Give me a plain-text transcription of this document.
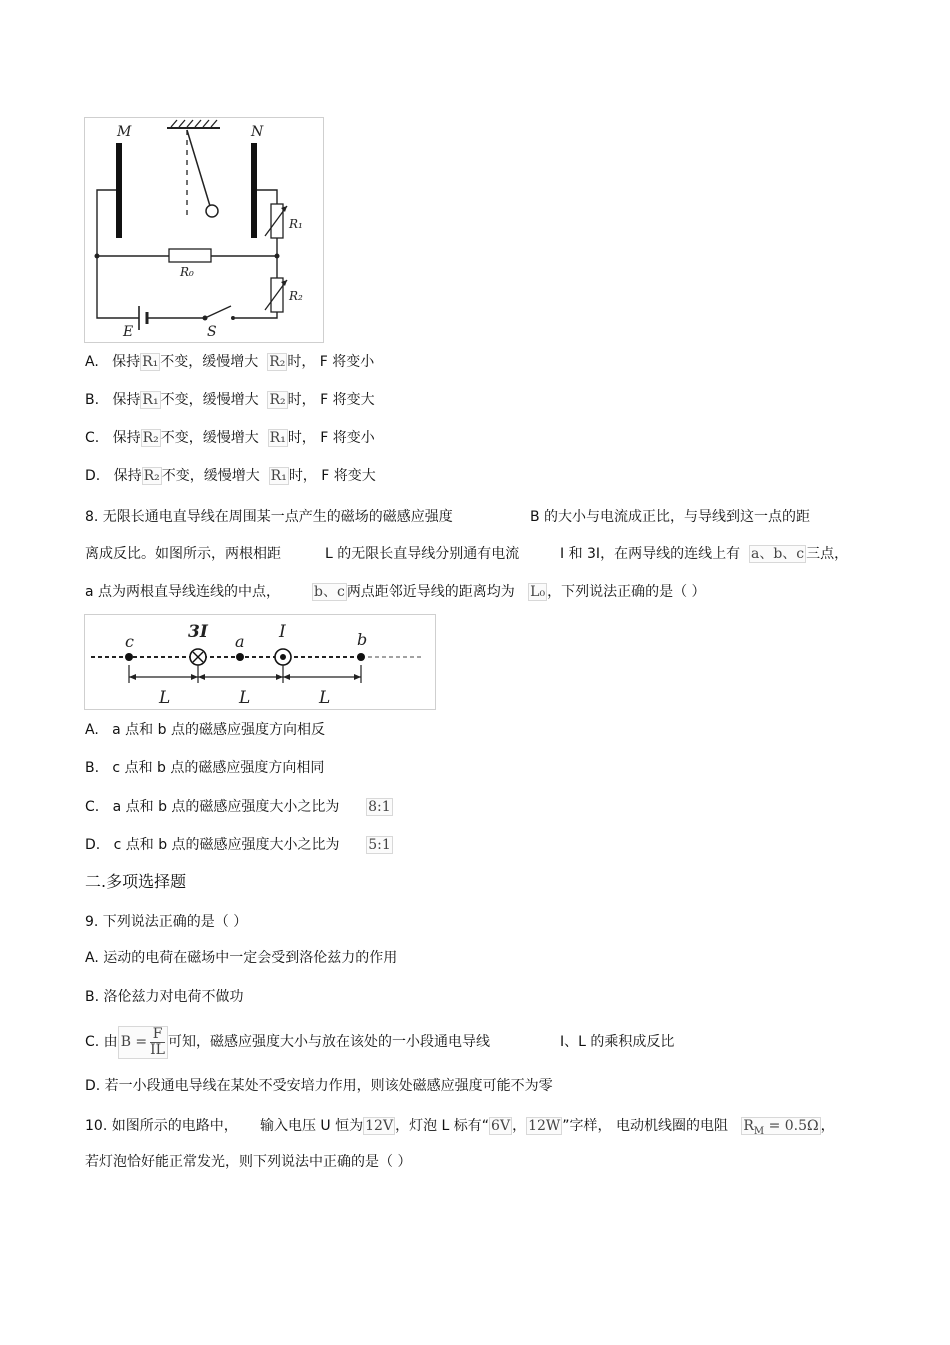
M	N
R₁
R₀
R₂
S
E
A. 保持 R₁ 不变，缓慢增大 R₂ 时， F 将变小
B. 保持 R₁ 不变，缓慢增大 R₂ 时， F 将变大
C. 保持 R₂ 不变，缓慢增大 R₁ 时， F 将变小
D. 保持 R₂ 不变，缓慢增大 R₁ 时， F 将变大
8. 无限长通电直导线在周围某一点产生的磁场的磁感应强度	B 的大小与电流成正比，与导线到这一点的距
离成反比。如图所示，两根相距	L 的无限长直导线分别通有电流	I 和 3I，在两导线的连线上有 a、b、c 三点，
a 点为两根直导线连线的中点， b、c 两点距邻近导线的距离均为 L₀ ，下列说法正确的是（ ）
c	3I a I	b
L	L	L
A. a 点和 b 点的磁感应强度方向相反
B. c 点和 b 点的磁感应强度方向相同
C. a 点和 b 点的磁感应强度大小之比为 8:1
D. c 点和 b 点的磁感应强度大小之比为 5:1
二.多项选择题
9. 下列说法正确的是（ ）
A. 运动的电荷在磁场中一定会受到洛伦兹力的作用
B. 洛伦兹力对电荷不做功
C. 由 $B = \frac{F}{IL}$ 可知，磁感应强度大小与放在该处的一小段通电导线	I、L 的乘积成反比
D. 若一小段通电导线在某处不受安培力作用，则该处磁感应强度可能不为零
10. 如图所示的电路中， 输入电压 U 恒为 12V ，灯泡 L 标有“ 6V ， 12W ”字样， 电动机线圈的电阻 $R_M = 0.5\Omega$ ，
若灯泡恰好能正常发光，则下列说法中正确的是（ ）
